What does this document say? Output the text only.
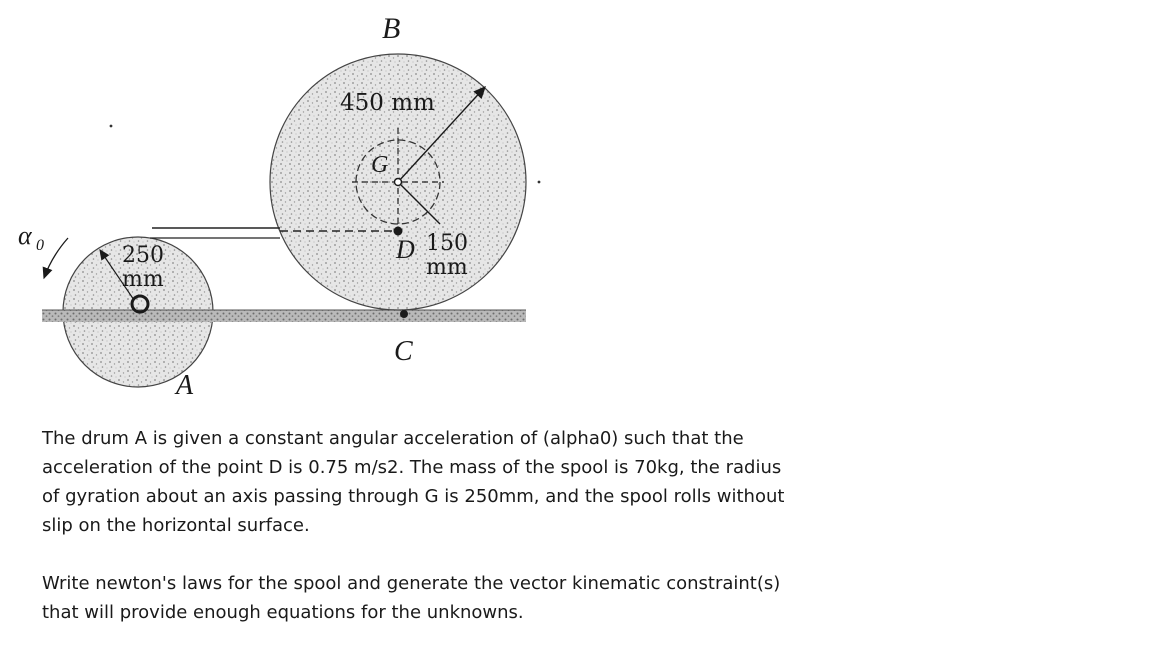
B
450 mm
G
150
mm
D
C
250
mm
A
α 0

The drum A is given a constant angular acceleration of (alpha0) such that the acceleration of the point D is 0.75 m/s2. The mass of the spool is 70kg, the radius of gyration about an axis passing through G is 250mm, and the spool rolls without slip on the horizontal surface.

Write newton's laws for the spool and generate the vector kinematic constraint(s) that will provide enough equations for the unknowns.
